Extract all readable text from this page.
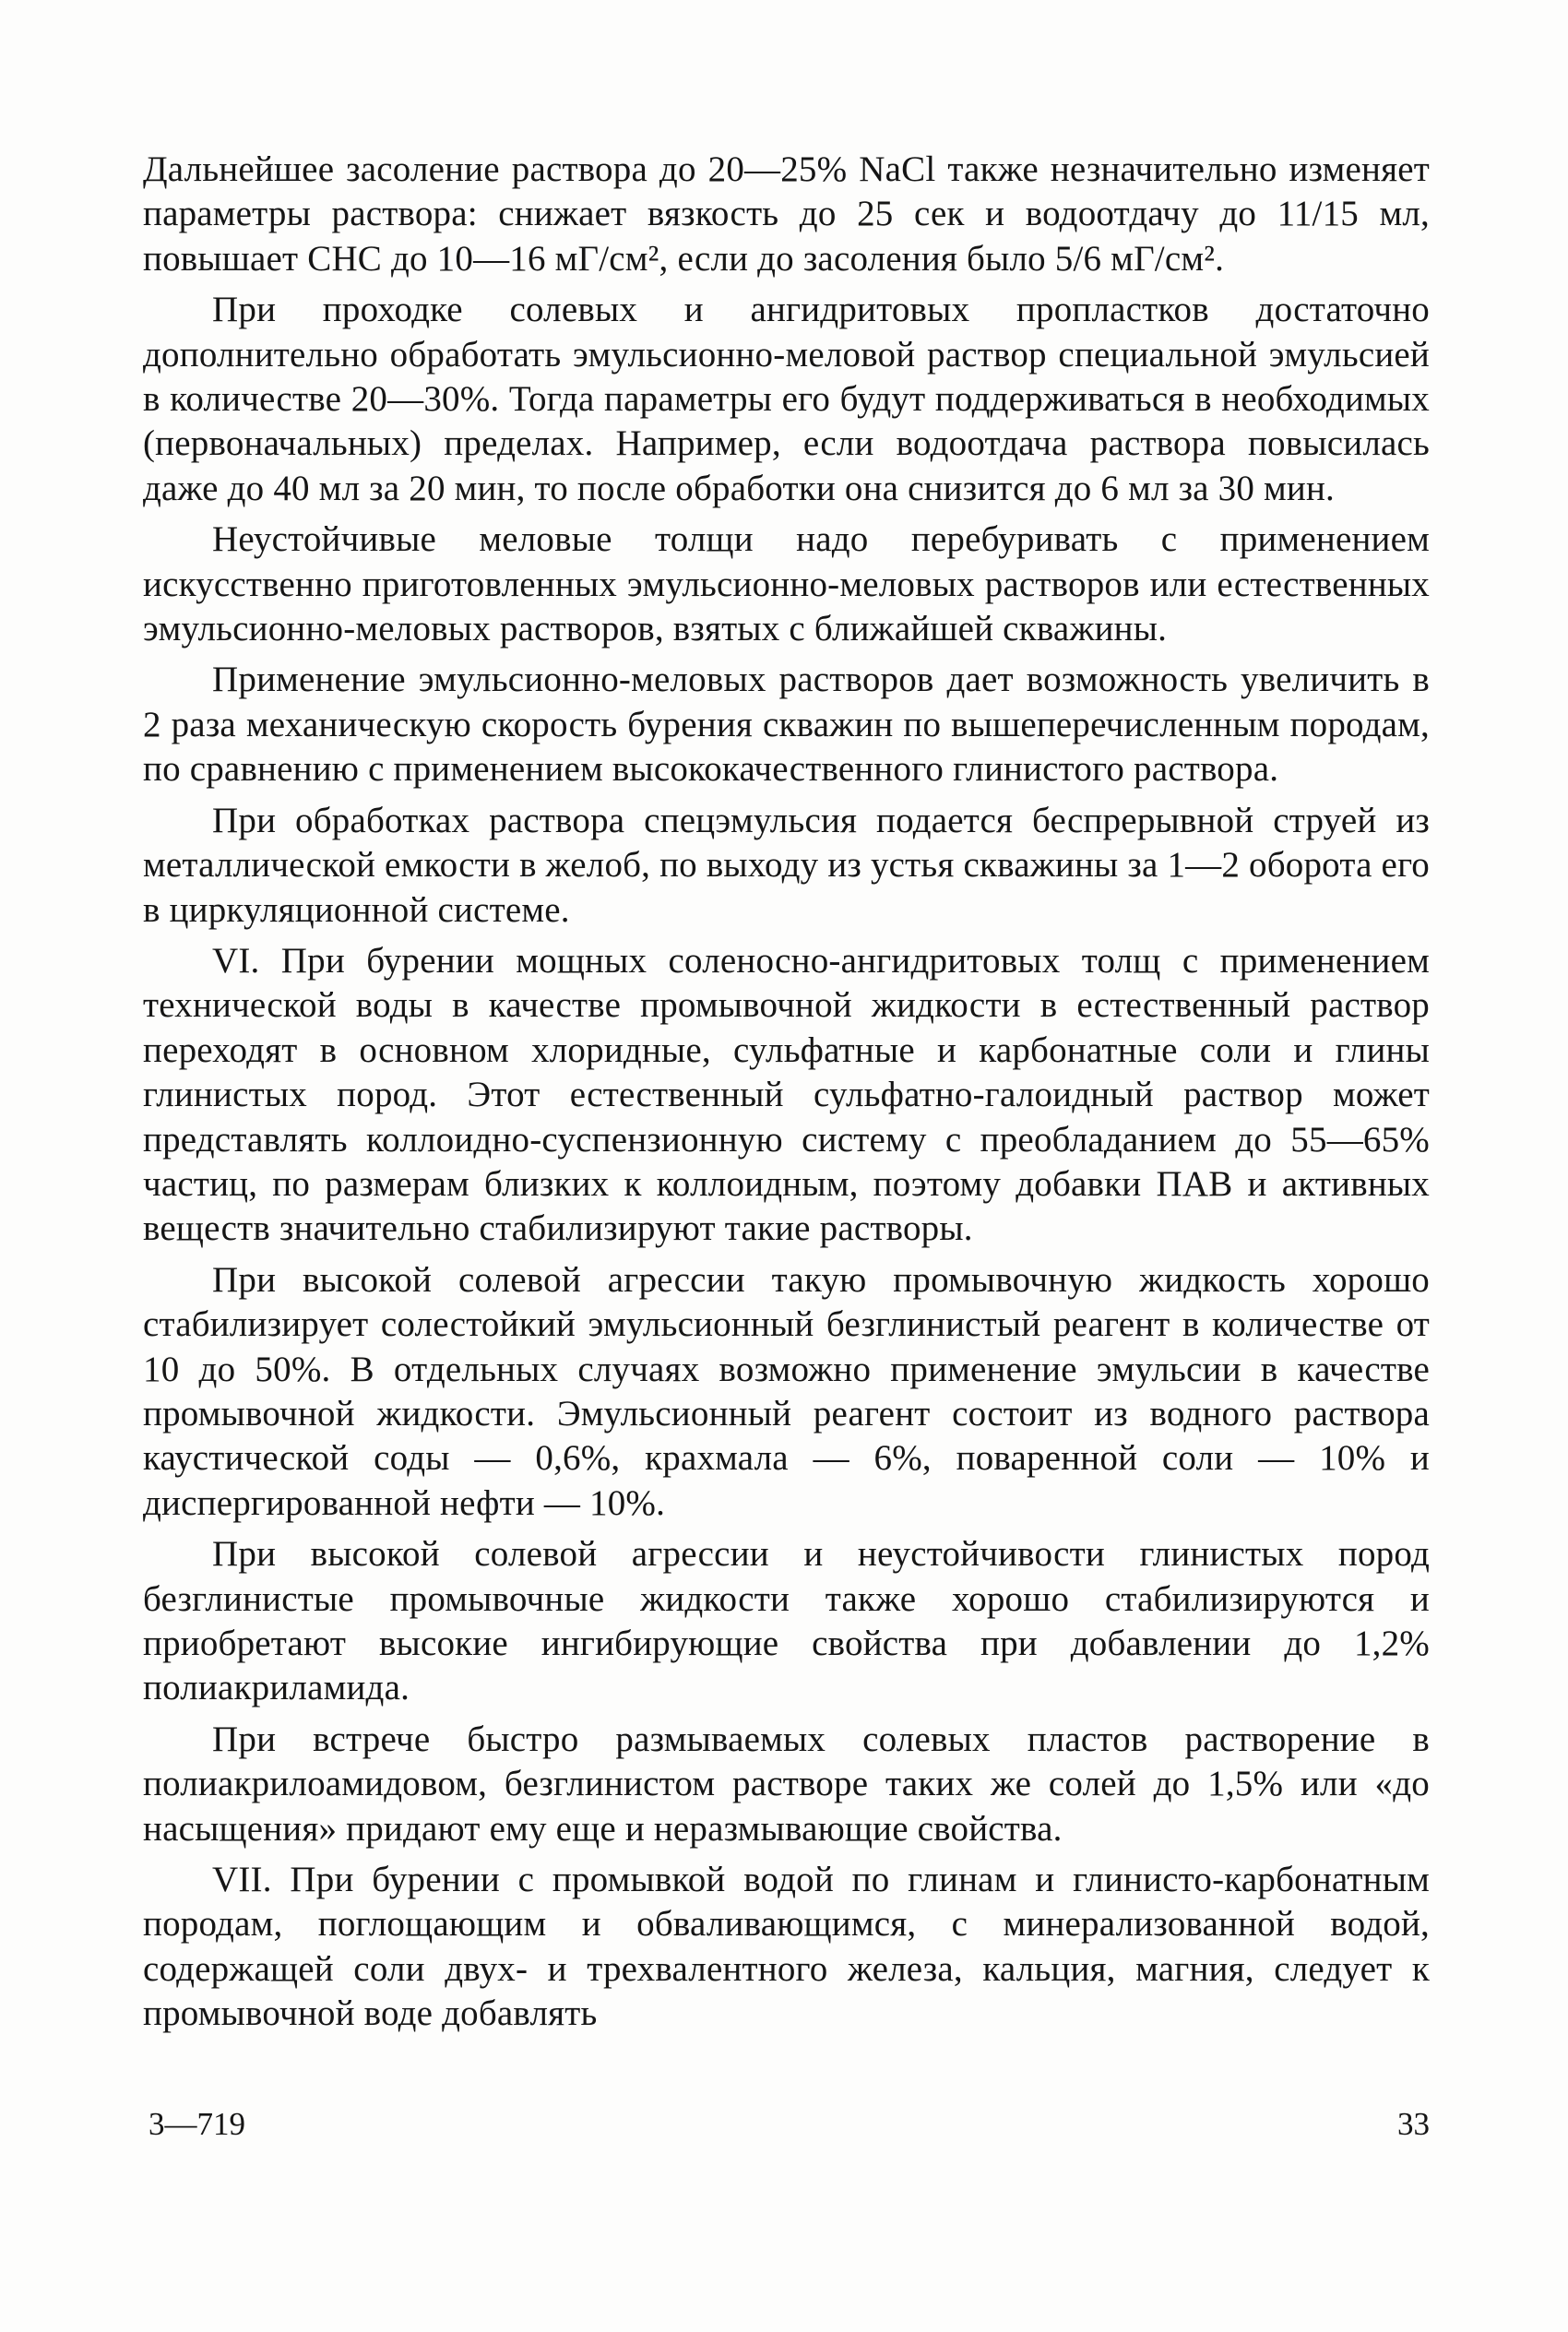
Дальнейшее засоление раствора до 20—25% NaCl также незначительно изменяет параметры раствора: снижает вязкость до 25 сек и водоотдачу до 11/15 мл, повышает СНС до 10—16 мГ/см², если до засоления было 5/6 мГ/см².

При проходке солевых и ангидритовых пропластков достаточно дополнительно обработать эмульсионно-меловой раствор специальной эмульсией в количестве 20—30%. Тогда параметры его будут поддерживаться в необходимых (первоначальных) пределах. Например, если водоотдача раствора повысилась даже до 40 мл за 20 мин, то после обработки она снизится до 6 мл за 30 мин.

Неустойчивые меловые толщи надо перебуривать с применением искусственно приготовленных эмульсионно-меловых растворов или естественных эмульсионно-меловых растворов, взятых с ближайшей скважины.

Применение эмульсионно-меловых растворов дает возможность увеличить в 2 раза механическую скорость бурения скважин по вышеперечисленным породам, по сравнению с применением высококачественного глинистого раствора.

При обработках раствора спецэмульсия подается беспрерывной струей из металлической емкости в желоб, по выходу из устья скважины за 1—2 оборота его в циркуляционной системе.

VI. При бурении мощных соленосно-ангидритовых толщ с применением технической воды в качестве промывочной жидкости в естественный раствор переходят в основном хлоридные, сульфатные и карбонатные соли и глины глинистых пород. Этот естественный сульфатно-галоидный раствор может представлять коллоидно-суспензионную систему с преобладанием до 55—65% частиц, по размерам близких к коллоидным, поэтому добавки ПАВ и активных веществ значительно стабилизируют такие растворы.

При высокой солевой агрессии такую промывочную жидкость хорошо стабилизирует солестойкий эмульсионный безглинистый реагент в количестве от 10 до 50%. В отдельных случаях возможно применение эмульсии в качестве промывочной жидкости. Эмульсионный реагент состоит из водного раствора каустической соды — 0,6%, крахмала — 6%, поваренной соли — 10% и диспергированной нефти — 10%.

При высокой солевой агрессии и неустойчивости глинистых пород безглинистые промывочные жидкости также хорошо стабилизируются и приобретают высокие ингибирующие свойства при добавлении до 1,2% полиакриламида.

При встрече быстро размываемых солевых пластов растворение в полиакрилоамидовом, безглинистом растворе таких же солей до 1,5% или «до насыщения» придают ему еще и неразмывающие свойства.

VII. При бурении с промывкой водой по глинам и глинисто-карбонатным породам, поглощающим и обваливающимся, с минерализованной водой, содержащей соли двух- и трехвалентного железа, кальция, магния, следует к промывочной воде добавлять

3—719	33
